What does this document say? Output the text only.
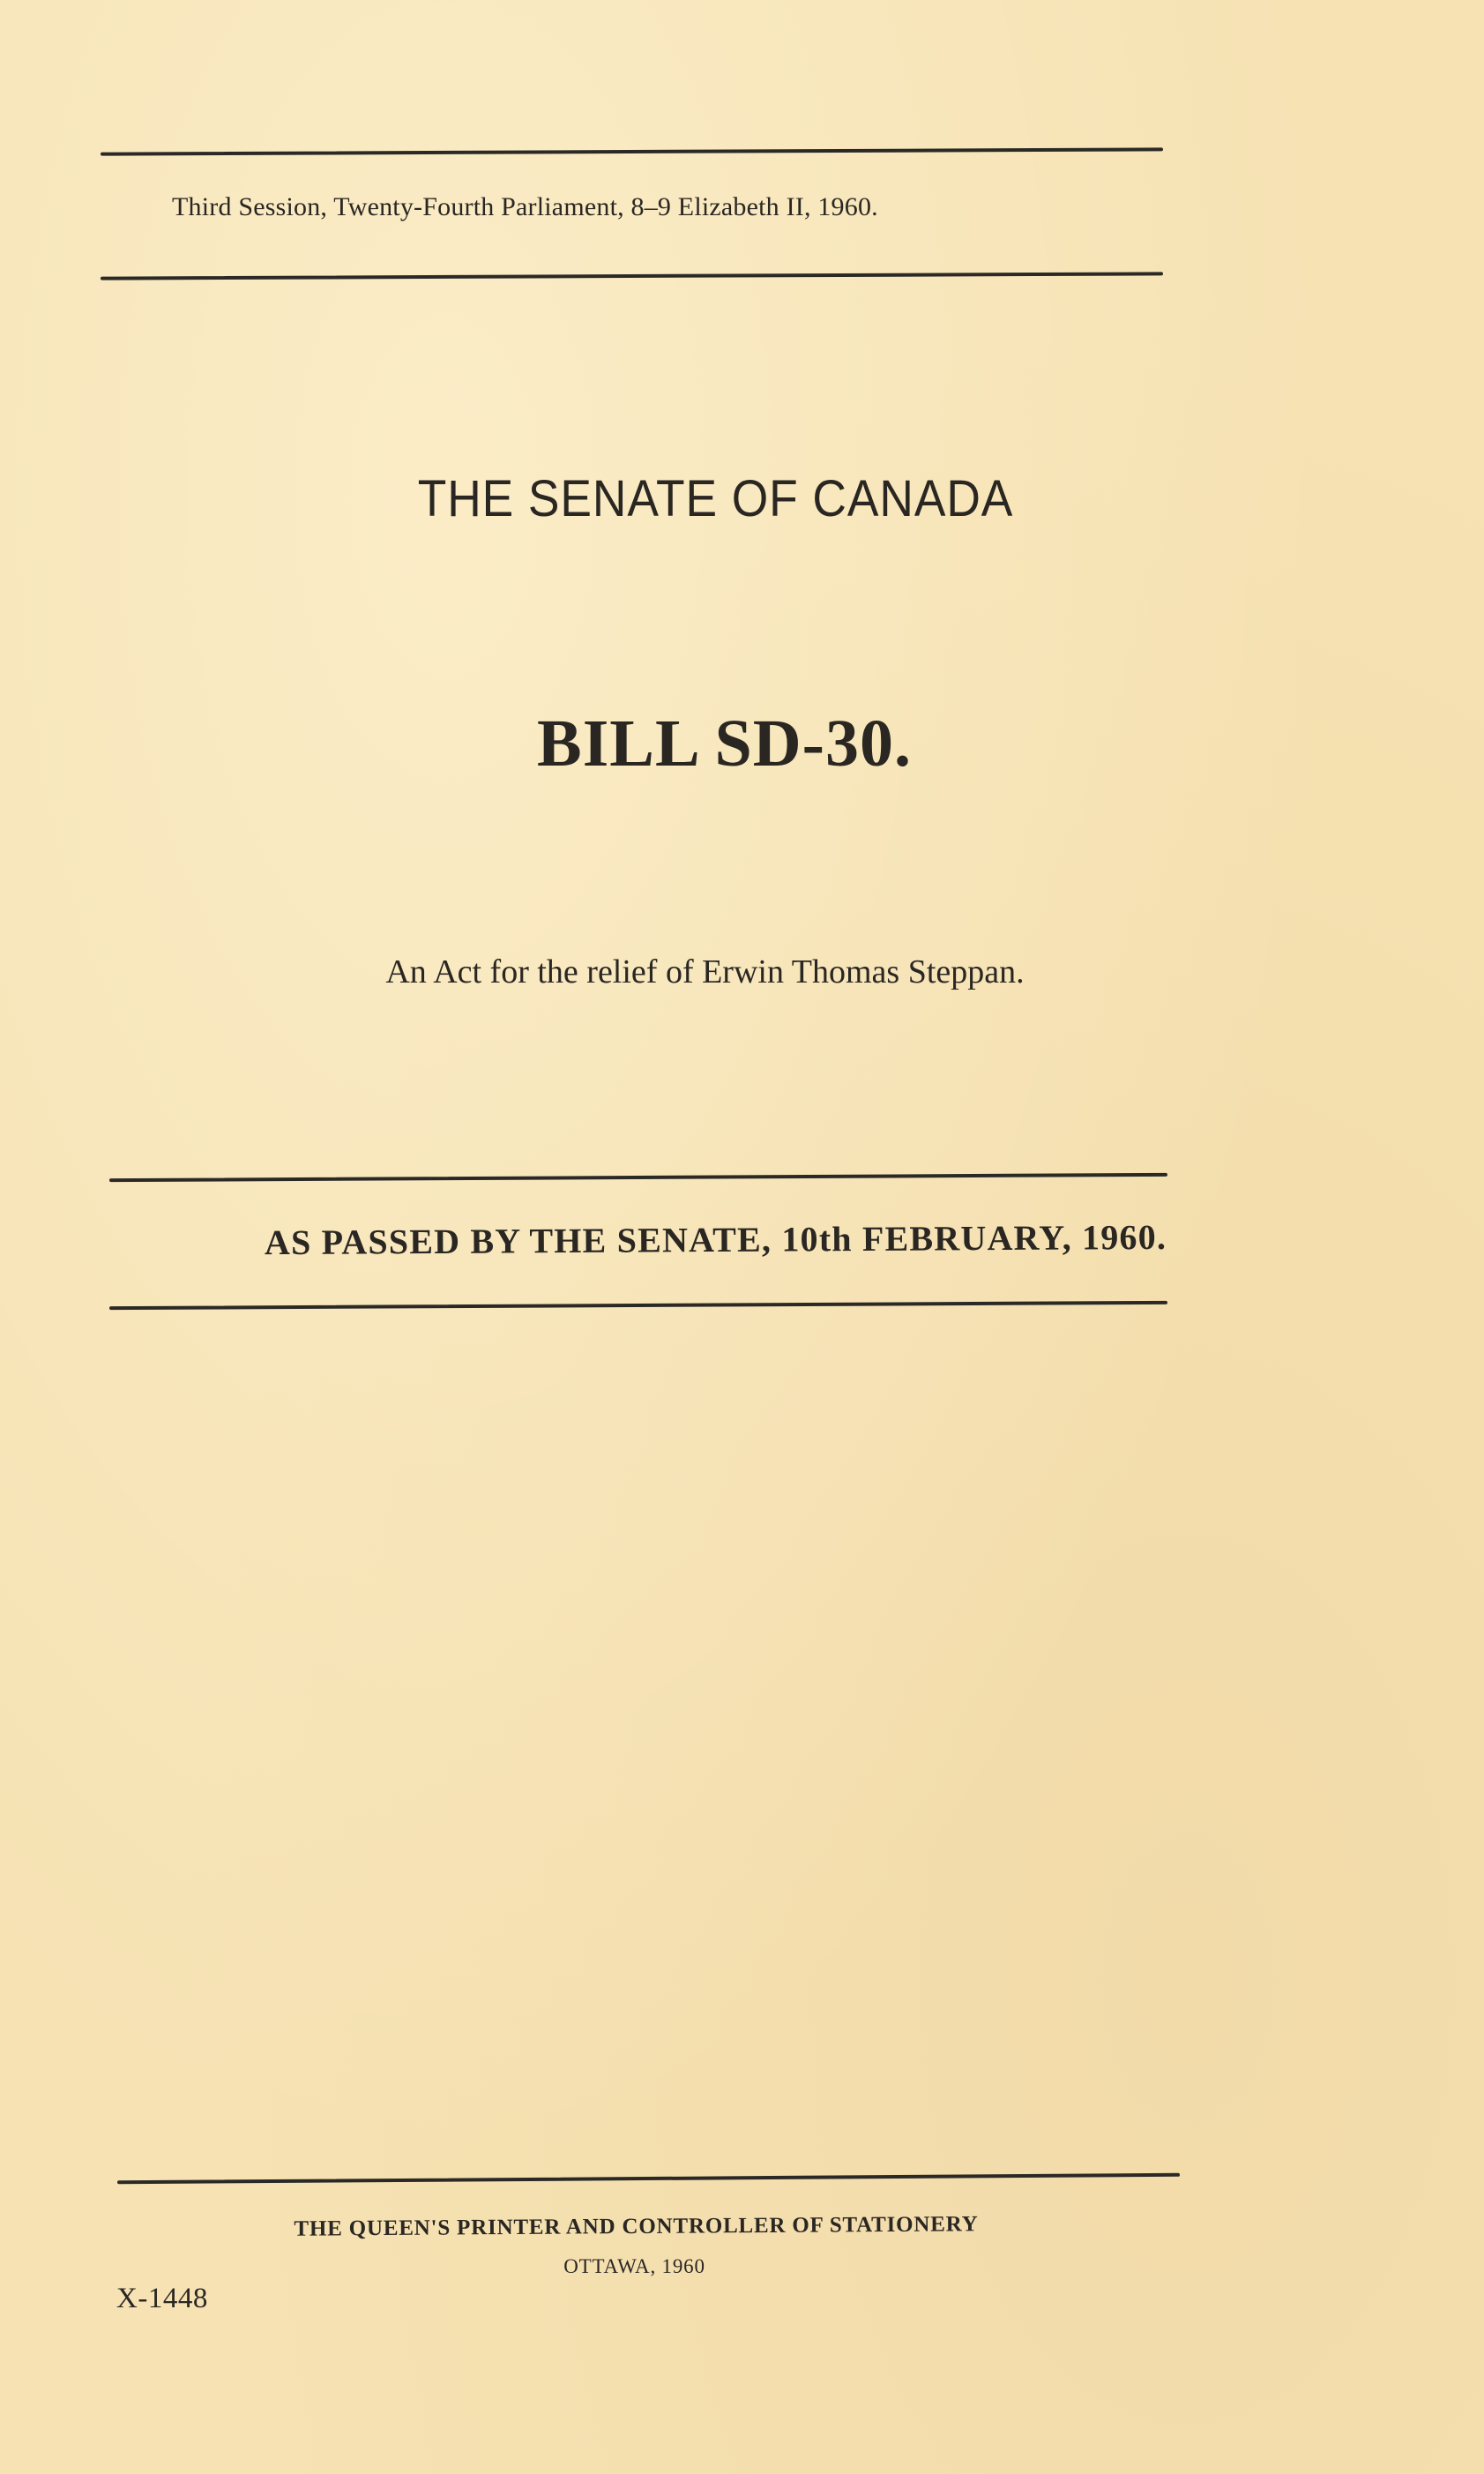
Third Session, Twenty-Fourth Parliament, 8–9 Elizabeth II, 1960.
THE SENATE OF CANADA
BILL SD-30.
An Act for the relief of Erwin Thomas Steppan.
AS PASSED BY THE SENATE, 10th FEBRUARY, 1960.
THE QUEEN'S PRINTER AND CONTROLLER OF STATIONERY
OTTAWA, 1960
X-1448
